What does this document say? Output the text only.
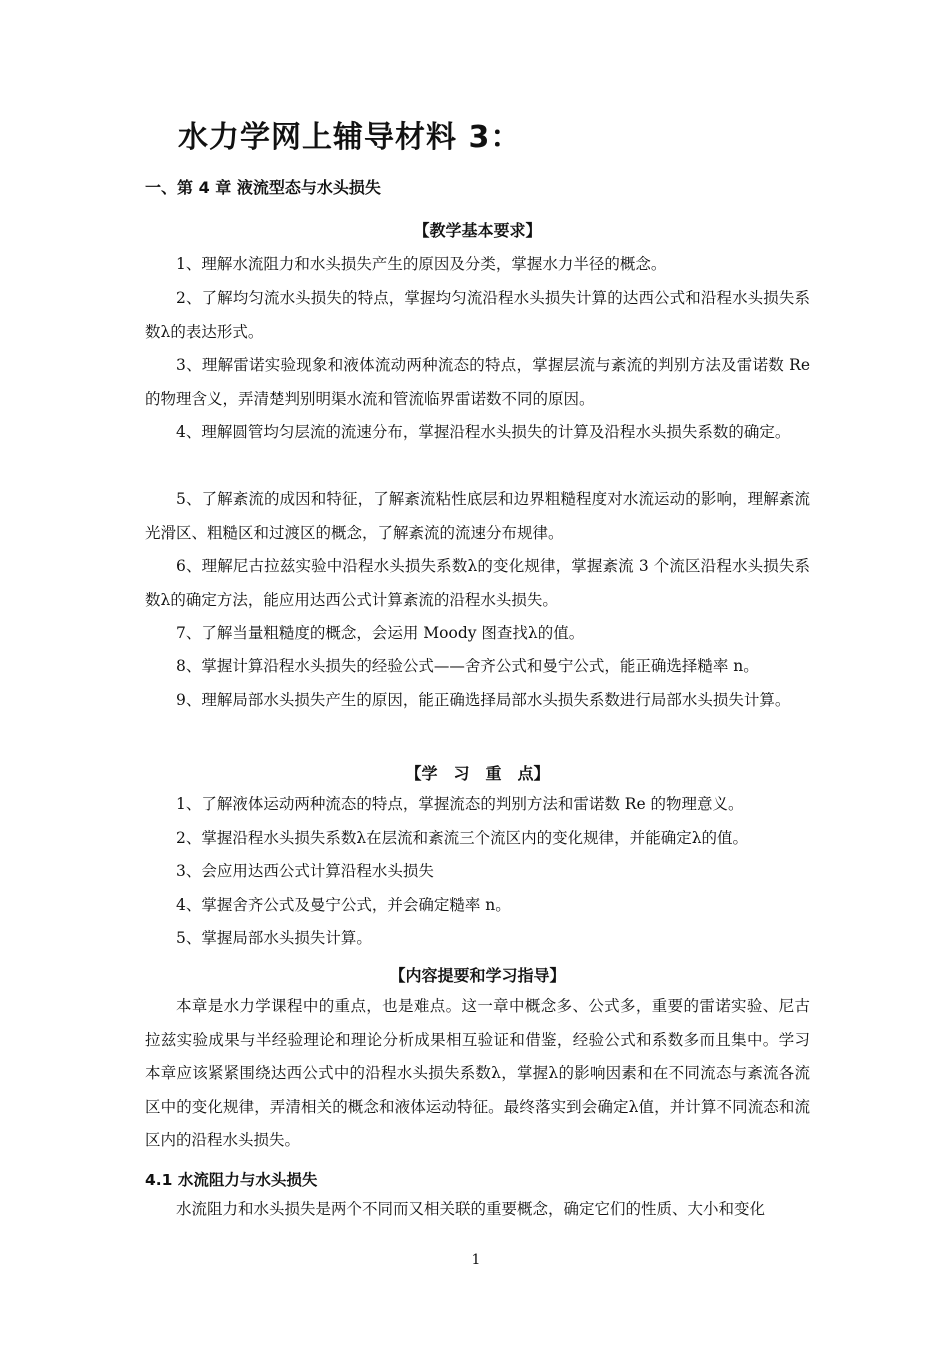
水力学网上辅导材料 3：
一、第 4 章 液流型态与水头损失
【教学基本要求】
1、理解水流阻力和水头损失产生的原因及分类，掌握水力半径的概念。
2、了解均匀流水头损失的特点，掌握均匀流沿程水头损失计算的达西公式和沿程水头损失系数λ的表达形式。
3、理解雷诺实验现象和液体流动两种流态的特点，掌握层流与紊流的判别方法及雷诺数 Re 的物理含义，弄清楚判别明渠水流和管流临界雷诺数不同的原因。
4、理解圆管均匀层流的流速分布，掌握沿程水头损失的计算及沿程水头损失系数的确定。
5、了解紊流的成因和特征，了解紊流粘性底层和边界粗糙程度对水流运动的影响，理解紊流光滑区、粗糙区和过渡区的概念，了解紊流的流速分布规律。
6、理解尼古拉兹实验中沿程水头损失系数λ的变化规律，掌握紊流 3 个流区沿程水头损失系数λ的确定方法，能应用达西公式计算紊流的沿程水头损失。
7、了解当量粗糙度的概念，会运用 Moody 图查找λ的值。
8、掌握计算沿程水头损失的经验公式——舍齐公式和曼宁公式，能正确选择糙率 n。
9、理解局部水头损失产生的原因，能正确选择局部水头损失系数进行局部水头损失计算。
【学　习　重　点】
1、了解液体运动两种流态的特点，掌握流态的判别方法和雷诺数 Re 的物理意义。
2、掌握沿程水头损失系数λ在层流和紊流三个流区内的变化规律，并能确定λ的值。
3、会应用达西公式计算沿程水头损失
4、掌握舍齐公式及曼宁公式，并会确定糙率 n。
5、掌握局部水头损失计算。
【内容提要和学习指导】
本章是水力学课程中的重点，也是难点。这一章中概念多、公式多，重要的雷诺实验、尼古拉兹实验成果与半经验理论和理论分析成果相互验证和借鉴，经验公式和系数多而且集中。学习本章应该紧紧围绕达西公式中的沿程水头损失系数λ，掌握λ的影响因素和在不同流态与紊流各流区中的变化规律，弄清相关的概念和液体运动特征。最终落实到会确定λ值，并计算不同流态和流区内的沿程水头损失。
4.1 水流阻力与水头损失
水流阻力和水头损失是两个不同而又相关联的重要概念，确定它们的性质、大小和变化
1
